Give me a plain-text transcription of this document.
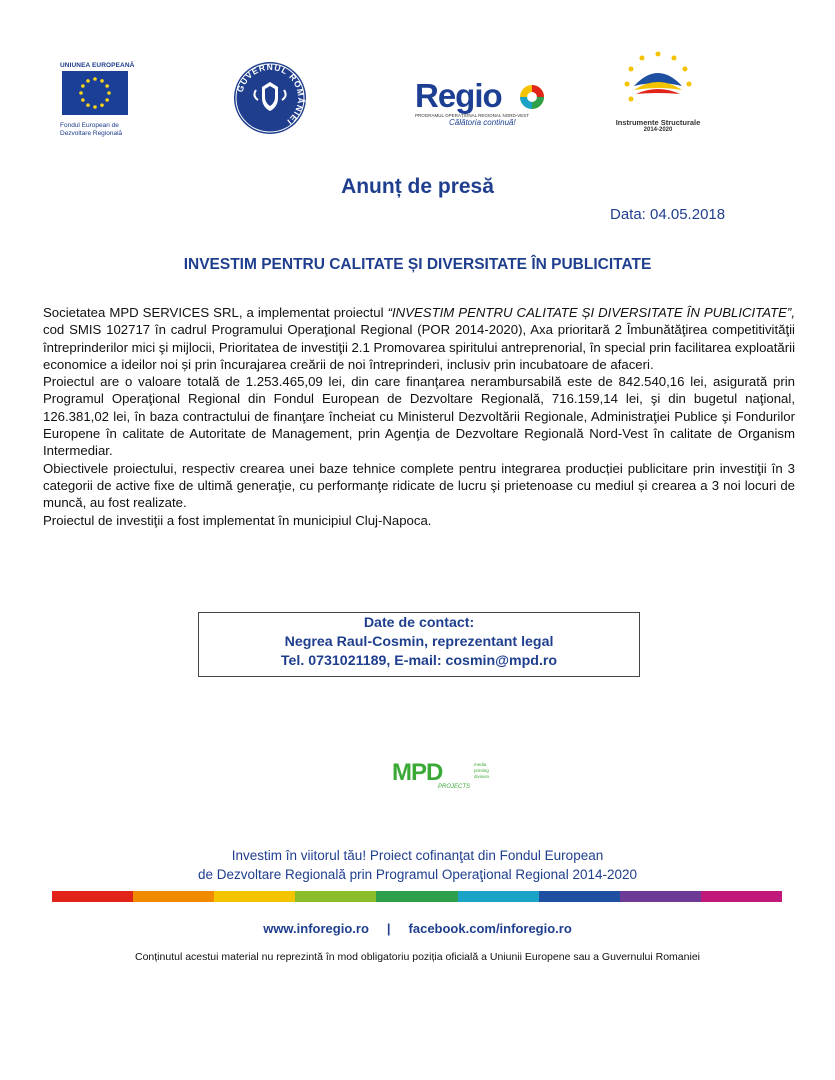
UNIUNEA EUROPEANĂ
Fondul European de
Dezvoltare Regională
GUVERNUL ROMÂNIEI
Regio
PROGRAMUL OPERAȚIONAL REGIONAL NORD-VEST
Călătoria continuă!	Instrumente Structurale
2014-2020
Anunț de presă
Data: 04.05.2018
INVESTIM PENTRU CALITATE ȘI DIVERSITATE ÎN PUBLICITATE

Societatea MPD SERVICES SRL, a implementat proiectul “INVESTIM PENTRU CALITATE ȘI DIVERSITATE ÎN PUBLICITATE”, cod SMIS 102717 în cadrul Programului Operaţional Regional (POR 2014-2020), Axa prioritară 2 Îmbunătăţirea competitivităţii întreprinderilor mici şi mijlocii, Prioritatea de investiţii 2.1 Promovarea spiritului antreprenorial, în special prin facilitarea exploatării economice a ideilor noi și prin încurajarea creării de noi întreprinderi, inclusiv prin incubatoare de afaceri.

Proiectul are o valoare totală de 1.253.465,09 lei, din care finanţarea nerambursabilă este de 842.540,16 lei, asigurată prin Programul Operaţional Regional din Fondul European de Dezvoltare Regională, 716.159,14 lei, şi din bugetul naţional, 126.381,02 lei, în baza contractului de finanţare încheiat cu Ministerul Dezvoltării Regionale, Administraţiei Publice şi Fondurilor Europene în calitate de Autoritate de Management, prin Agenţia de Dezvoltare Regională Nord-Vest în calitate de Organism Intermediar.

Obiectivele proiectului, respectiv crearea unei baze tehnice complete pentru integrarea producției publicitare prin investiţii în 3 categorii de active fixe de ultimă generaţie, cu performanţe ridicate de lucru şi prietenoase cu mediul și crearea a 3 noi locuri de muncă, au fost realizate.

Proiectul de investiţii a fost implementat în municipiul Cluj-Napoca.

Date de contact:
Negrea Raul-Cosmin, reprezentant legal
Tel. 0731021189, E-mail: cosmin@mpd.ro
MPD	media
printing
division
PROJECTS
Investim în viitorul tău! Proiect cofinanţat din Fondul European
de Dezvoltare Regională prin Programul Operaţional Regional 2014-2020
www.inforegio.ro | facebook.com/inforegio.ro
Conținutul acestui material nu reprezintă în mod obligatoriu poziția oficială a Uniunii Europene sau a Guvernului Romaniei
